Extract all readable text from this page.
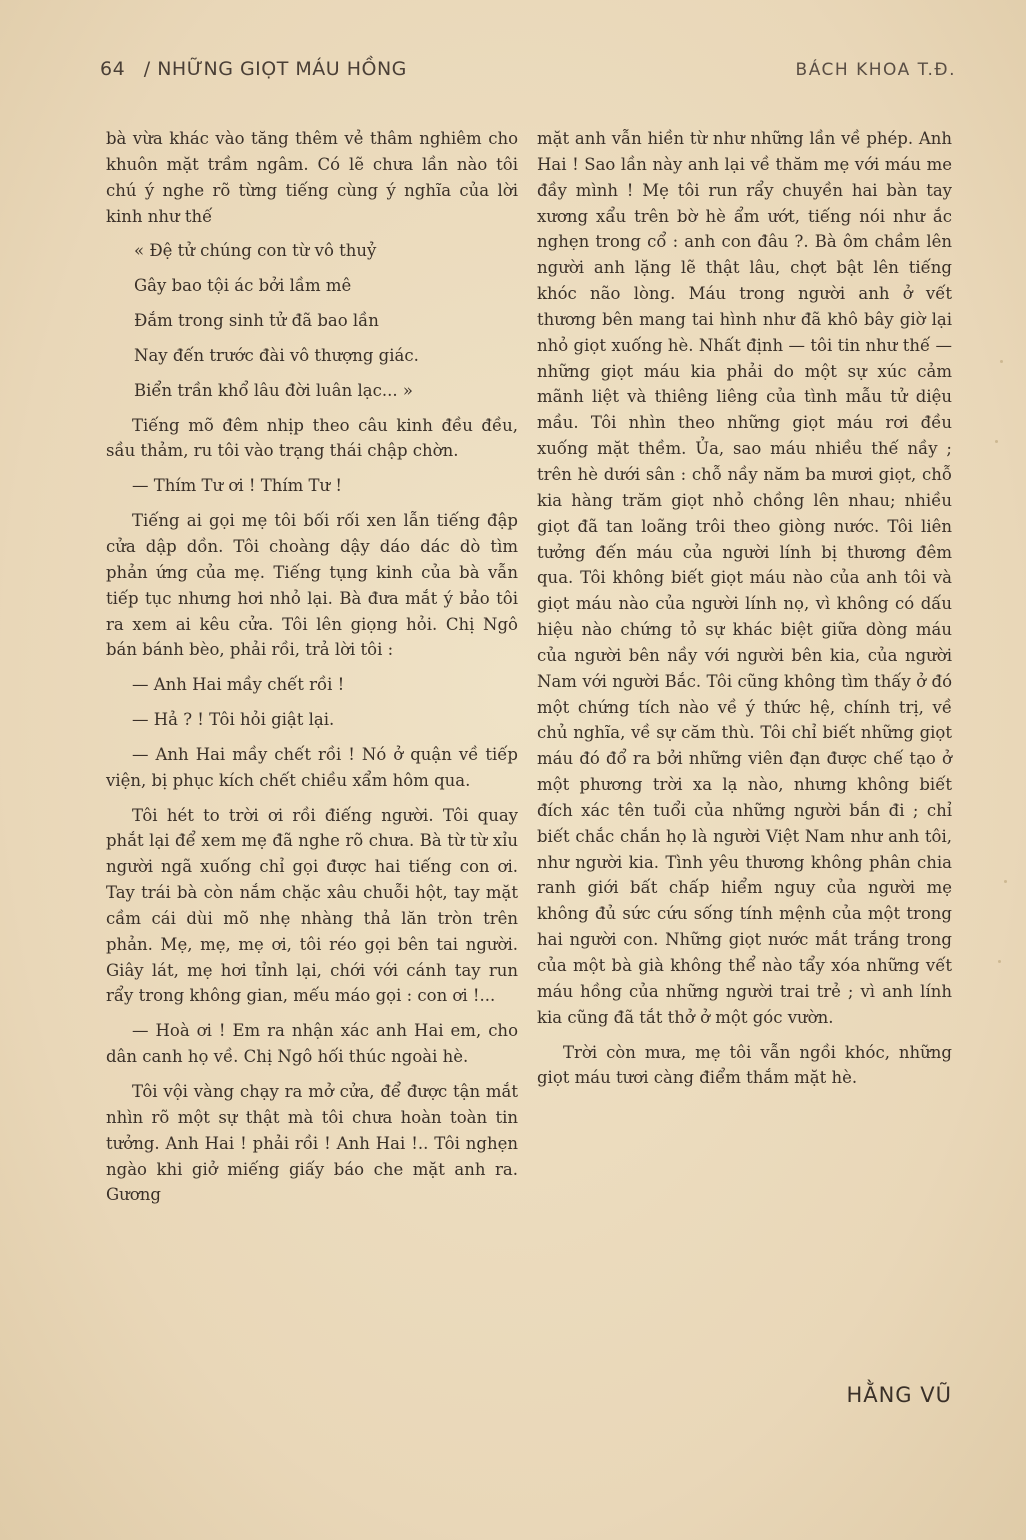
64 / NHỮNG GIỌT MÁU HỒNG	BÁCH KHOA T.Đ.

bà vừa khác vào tăng thêm vẻ thâm nghiêm cho khuôn mặt trầm ngâm. Có lẽ chưa lần nào tôi chú ý nghe rõ từng tiếng cùng ý nghĩa của lời kinh như thế

« Đệ tử chúng con từ vô thuỷ

Gây bao tội ác bởi lầm mê

Đắm trong sinh tử đã bao lần

Nay đến trước đài vô thượng giác.

Biển trần khổ lâu đời luân lạc... »

Tiếng mõ đêm nhịp theo câu kinh đều đều, sầu thảm, ru tôi vào trạng thái chập chờn.

— Thím Tư ơi ! Thím Tư !

Tiếng ai gọi mẹ tôi bối rối xen lẫn tiếng đập cửa dập dồn. Tôi choàng dậy dáo dác dò tìm phản ứng của mẹ. Tiếng tụng kinh của bà vẫn tiếp tục nhưng hơi nhỏ lại. Bà đưa mắt ý bảo tôi ra xem ai kêu cửa. Tôi lên giọng hỏi. Chị Ngô bán bánh bèo, phải rồi, trả lời tôi :

— Anh Hai mầy chết rồi !

— Hả ? ! Tôi hỏi giật lại.

— Anh Hai mầy chết rồi ! Nó ở quận về tiếp viện, bị phục kích chết chiều xẩm hôm qua.

Tôi hét to trời ơi rồi điếng người. Tôi quay phắt lại để xem mẹ đã nghe rõ chưa. Bà từ từ xỉu người ngã xuống chỉ gọi được hai tiếng con ơi. Tay trái bà còn nắm chặc xâu chuỗi hột, tay mặt cầm cái dùi mõ nhẹ nhàng thả lăn tròn trên phản. Mẹ, mẹ, mẹ ơi, tôi réo gọi bên tai người. Giây lát, mẹ hơi tỉnh lại, chới với cánh tay run rẩy trong không gian, mếu máo gọi : con ơi !...

— Hoà ơi ! Em ra nhận xác anh Hai em, cho dân canh họ về. Chị Ngô hối thúc ngoài hè.

Tôi vội vàng chạy ra mở cửa, để được tận mắt nhìn rõ một sự thật mà tôi chưa hoàn toàn tin tưởng. Anh Hai ! phải rồi ! Anh Hai !.. Tôi nghẹn ngào khi giở miếng giấy báo che mặt anh ra. Gương

mặt anh vẫn hiền từ như những lần về phép. Anh Hai ! Sao lần này anh lại về thăm mẹ với máu me đầy mình ! Mẹ tôi run rẩy chuyền hai bàn tay xương xẩu trên bờ hè ẩm ướt, tiếng nói như ắc nghẹn trong cổ : anh con đâu ?. Bà ôm chầm lên người anh lặng lẽ thật lâu, chợt bật lên tiếng khóc não lòng. Máu trong người anh ở vết thương bên mang tai hình như đã khô bây giờ lại nhỏ giọt xuống hè. Nhất định — tôi tin như thế — những giọt máu kia phải do một sự xúc cảm mãnh liệt và thiêng liêng của tình mẫu tử diệu mầu. Tôi nhìn theo những giọt máu rơi đều xuống mặt thềm. Ủa, sao máu nhiều thế nầy ; trên hè dưới sân : chỗ nầy năm ba mươi giọt, chỗ kia hàng trăm giọt nhỏ chồng lên nhau; nhiều giọt đã tan loãng trôi theo giòng nước. Tôi liên tưởng đến máu của người lính bị thương đêm qua. Tôi không biết giọt máu nào của anh tôi và giọt máu nào của người lính nọ, vì không có dấu hiệu nào chứng tỏ sự khác biệt giữa dòng máu của người bên nầy với người bên kia, của người Nam với người Bắc. Tôi cũng không tìm thấy ở đó một chứng tích nào về ý thức hệ, chính trị, về chủ nghĩa, về sự căm thù. Tôi chỉ biết những giọt máu đó đổ ra bởi những viên đạn được chế tạo ở một phương trời xa lạ nào, nhưng không biết đích xác tên tuổi của những người bắn đi ; chỉ biết chắc chắn họ là người Việt Nam như anh tôi, như người kia. Tình yêu thương không phân chia ranh giới bất chấp hiểm nguy của người mẹ không đủ sức cứu sống tính mệnh của một trong hai người con. Những giọt nước mắt trắng trong của một bà già không thể nào tẩy xóa những vết máu hồng của những người trai trẻ ; vì anh lính kia cũng đã tắt thở ở một góc vườn.

Trời còn mưa, mẹ tôi vẫn ngồi khóc, những giọt máu tươi càng điểm thắm mặt hè.

HẰNG VŨ
